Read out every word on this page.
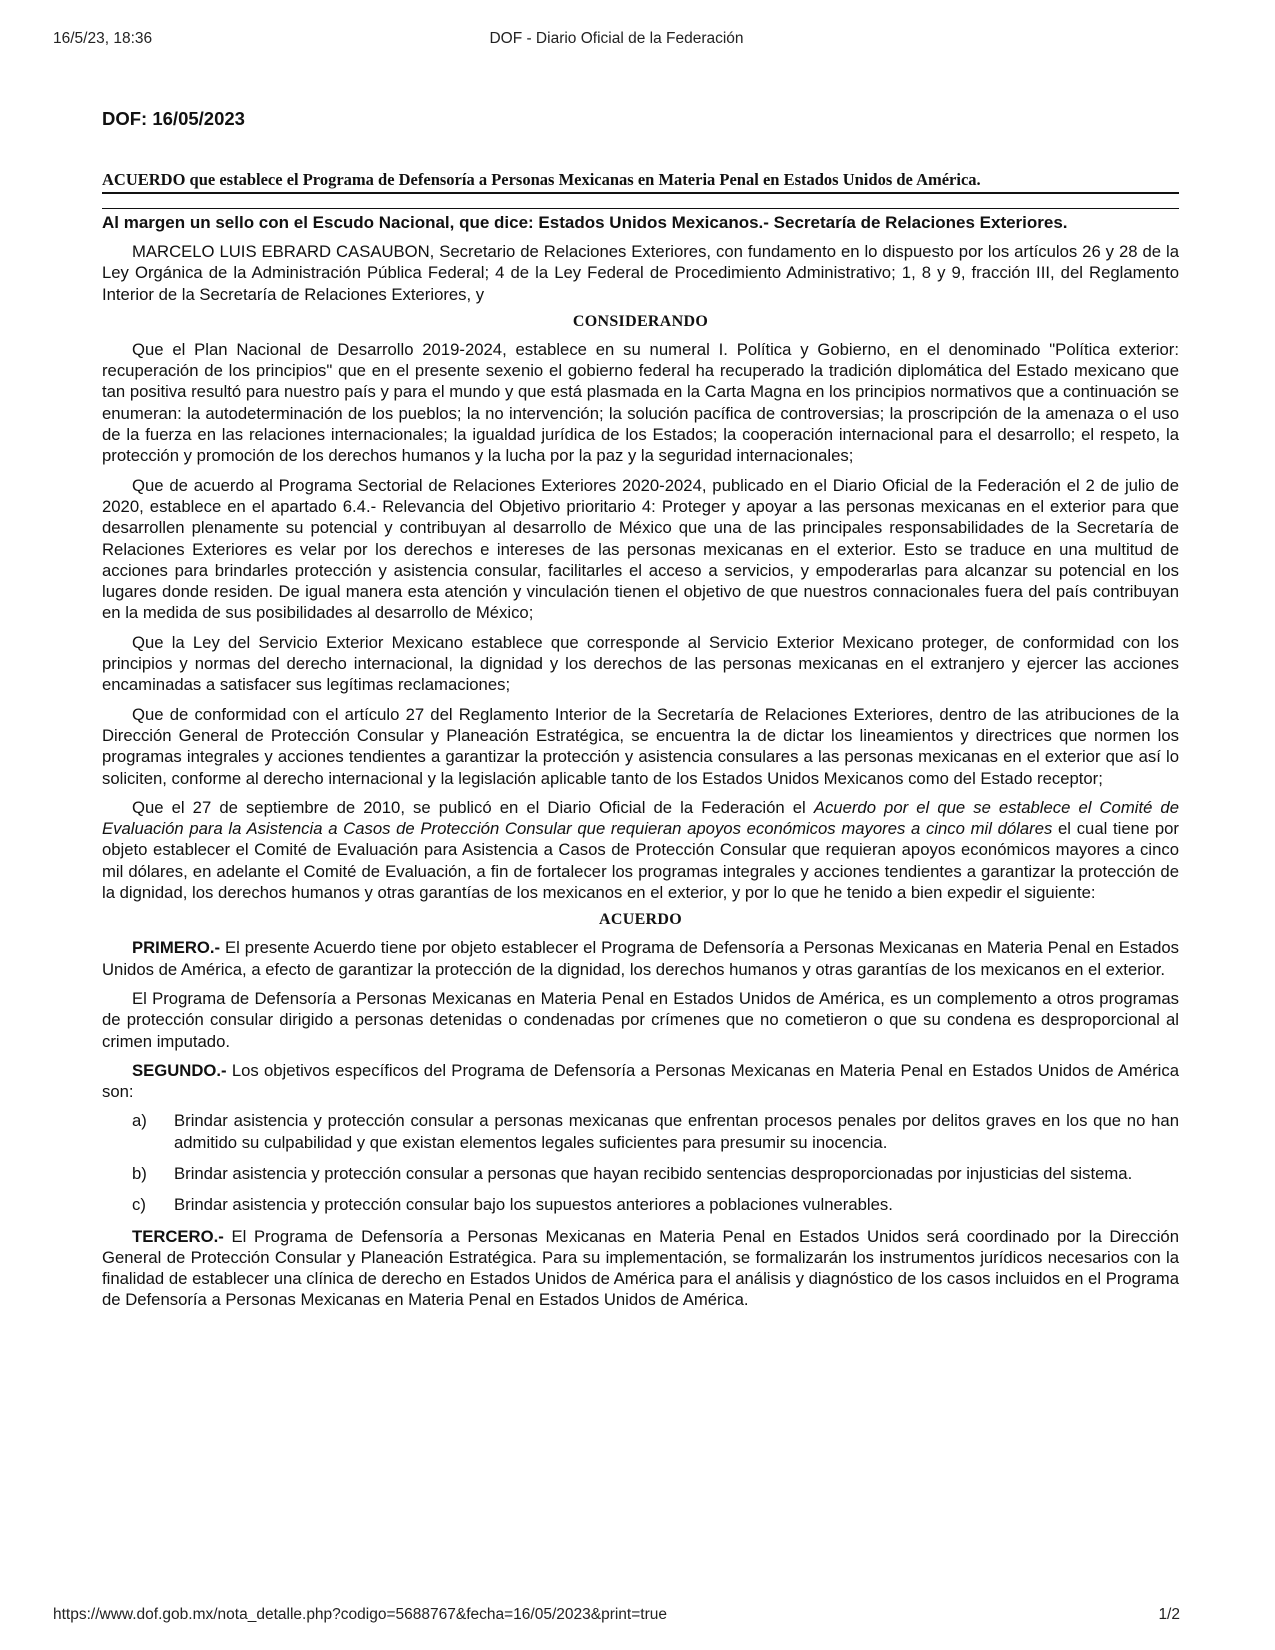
16/5/23, 18:36	DOF - Diario Oficial de la Federación
DOF: 16/05/2023
ACUERDO que establece el Programa de Defensoría a Personas Mexicanas en Materia Penal en Estados Unidos de América.
Al margen un sello con el Escudo Nacional, que dice: Estados Unidos Mexicanos.- Secretaría de Relaciones Exteriores.

MARCELO LUIS EBRARD CASAUBON, Secretario de Relaciones Exteriores, con fundamento en lo dispuesto por los artículos 26 y 28 de la Ley Orgánica de la Administración Pública Federal; 4 de la Ley Federal de Procedimiento Administrativo; 1, 8 y 9, fracción III, del Reglamento Interior de la Secretaría de Relaciones Exteriores, y

CONSIDERANDO

Que el Plan Nacional de Desarrollo 2019-2024, establece en su numeral I. Política y Gobierno, en el denominado "Política exterior: recuperación de los principios" que en el presente sexenio el gobierno federal ha recuperado la tradición diplomática del Estado mexicano que tan positiva resultó para nuestro país y para el mundo y que está plasmada en la Carta Magna en los principios normativos que a continuación se enumeran: la autodeterminación de los pueblos; la no intervención; la solución pacífica de controversias; la proscripción de la amenaza o el uso de la fuerza en las relaciones internacionales; la igualdad jurídica de los Estados; la cooperación internacional para el desarrollo; el respeto, la protección y promoción de los derechos humanos y la lucha por la paz y la seguridad internacionales;

Que de acuerdo al Programa Sectorial de Relaciones Exteriores 2020-2024, publicado en el Diario Oficial de la Federación el 2 de julio de 2020, establece en el apartado 6.4.- Relevancia del Objetivo prioritario 4: Proteger y apoyar a las personas mexicanas en el exterior para que desarrollen plenamente su potencial y contribuyan al desarrollo de México que una de las principales responsabilidades de la Secretaría de Relaciones Exteriores es velar por los derechos e intereses de las personas mexicanas en el exterior. Esto se traduce en una multitud de acciones para brindarles protección y asistencia consular, facilitarles el acceso a servicios, y empoderarlas para alcanzar su potencial en los lugares donde residen. De igual manera esta atención y vinculación tienen el objetivo de que nuestros connacionales fuera del país contribuyan en la medida de sus posibilidades al desarrollo de México;

Que la Ley del Servicio Exterior Mexicano establece que corresponde al Servicio Exterior Mexicano proteger, de conformidad con los principios y normas del derecho internacional, la dignidad y los derechos de las personas mexicanas en el extranjero y ejercer las acciones encaminadas a satisfacer sus legítimas reclamaciones;

Que de conformidad con el artículo 27 del Reglamento Interior de la Secretaría de Relaciones Exteriores, dentro de las atribuciones de la Dirección General de Protección Consular y Planeación Estratégica, se encuentra la de dictar los lineamientos y directrices que normen los programas integrales y acciones tendientes a garantizar la protección y asistencia consulares a las personas mexicanas en el exterior que así lo soliciten, conforme al derecho internacional y la legislación aplicable tanto de los Estados Unidos Mexicanos como del Estado receptor;

Que el 27 de septiembre de 2010, se publicó en el Diario Oficial de la Federación el Acuerdo por el que se establece el Comité de Evaluación para la Asistencia a Casos de Protección Consular que requieran apoyos económicos mayores a cinco mil dólares el cual tiene por objeto establecer el Comité de Evaluación para Asistencia a Casos de Protección Consular que requieran apoyos económicos mayores a cinco mil dólares, en adelante el Comité de Evaluación, a fin de fortalecer los programas integrales y acciones tendientes a garantizar la protección de la dignidad, los derechos humanos y otras garantías de los mexicanos en el exterior, y por lo que he tenido a bien expedir el siguiente:

ACUERDO

PRIMERO.- El presente Acuerdo tiene por objeto establecer el Programa de Defensoría a Personas Mexicanas en Materia Penal en Estados Unidos de América, a efecto de garantizar la protección de la dignidad, los derechos humanos y otras garantías de los mexicanos en el exterior.

El Programa de Defensoría a Personas Mexicanas en Materia Penal en Estados Unidos de América, es un complemento a otros programas de protección consular dirigido a personas detenidas o condenadas por crímenes que no cometieron o que su condena es desproporcional al crimen imputado.

SEGUNDO.- Los objetivos específicos del Programa de Defensoría a Personas Mexicanas en Materia Penal en Estados Unidos de América son:

a) Brindar asistencia y protección consular a personas mexicanas que enfrentan procesos penales por delitos graves en los que no han admitido su culpabilidad y que existan elementos legales suficientes para presumir su inocencia.
b) Brindar asistencia y protección consular a personas que hayan recibido sentencias desproporcionadas por injusticias del sistema.
c) Brindar asistencia y protección consular bajo los supuestos anteriores a poblaciones vulnerables.

TERCERO.- El Programa de Defensoría a Personas Mexicanas en Materia Penal en Estados Unidos será coordinado por la Dirección General de Protección Consular y Planeación Estratégica. Para su implementación, se formalizarán los instrumentos jurídicos necesarios con la finalidad de establecer una clínica de derecho en Estados Unidos de América para el análisis y diagnóstico de los casos incluidos en el Programa de Defensoría a Personas Mexicanas en Materia Penal en Estados Unidos de América.

https://www.dof.gob.mx/nota_detalle.php?codigo=5688767&fecha=16/05/2023&print=true	1/2
